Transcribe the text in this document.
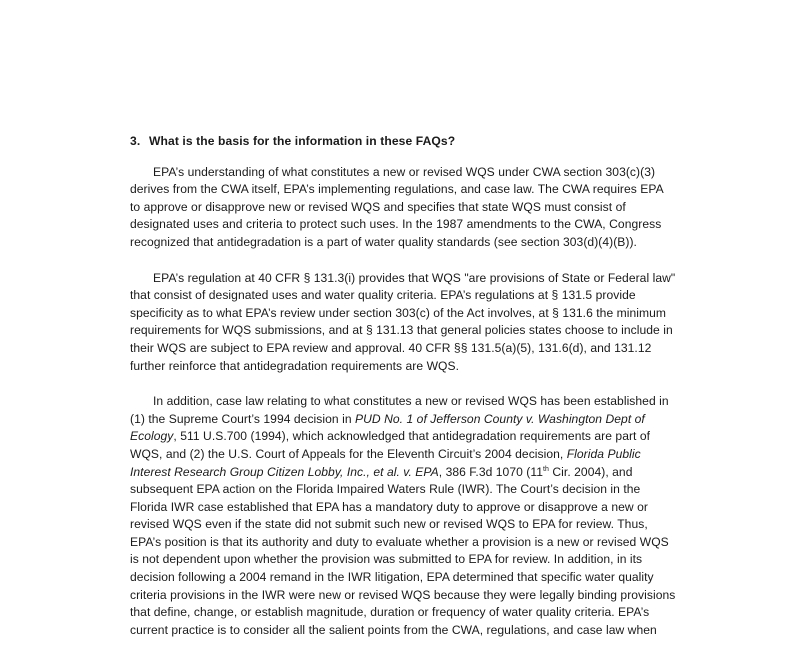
3. What is the basis for the information in these FAQs?
EPA’s understanding of what constitutes a new or revised WQS under CWA section 303(c)(3)
derives from the CWA itself, EPA’s implementing regulations, and case law. The CWA requires EPA
to approve or disapprove new or revised WQS and specifies that state WQS must consist of
designated uses and criteria to protect such uses. In the 1987 amendments to the CWA, Congress
recognized that antidegradation is a part of water quality standards (see section 303(d)(4)(B)).
EPA’s regulation at 40 CFR § 131.3(i) provides that WQS "are provisions of State or Federal law"
that consist of designated uses and water quality criteria. EPA’s regulations at § 131.5 provide
specificity as to what EPA’s review under section 303(c) of the Act involves, at § 131.6 the minimum
requirements for WQS submissions, and at § 131.13 that general policies states choose to include in
their WQS are subject to EPA review and approval. 40 CFR §§ 131.5(a)(5), 131.6(d), and 131.12
further reinforce that antidegradation requirements are WQS.
In addition, case law relating to what constitutes a new or revised WQS has been established in
(1) the Supreme Court’s 1994 decision in PUD No. 1 of Jefferson County v. Washington Dept of
Ecology, 511 U.S.700 (1994), which acknowledged that antidegradation requirements are part of
WQS, and (2) the U.S. Court of Appeals for the Eleventh Circuit’s 2004 decision, Florida Public
Interest Research Group Citizen Lobby, Inc., et al. v. EPA, 386 F.3d 1070 (11th Cir. 2004), and
subsequent EPA action on the Florida Impaired Waters Rule (IWR). The Court’s decision in the
Florida IWR case established that EPA has a mandatory duty to approve or disapprove a new or
revised WQS even if the state did not submit such new or revised WQS to EPA for review. Thus,
EPA’s position is that its authority and duty to evaluate whether a provision is a new or revised WQS
is not dependent upon whether the provision was submitted to EPA for review. In addition, in its
decision following a 2004 remand in the IWR litigation, EPA determined that specific water quality
criteria provisions in the IWR were new or revised WQS because they were legally binding provisions
that define, change, or establish magnitude, duration or frequency of water quality criteria. EPA’s
current practice is to consider all the salient points from the CWA, regulations, and case law when
